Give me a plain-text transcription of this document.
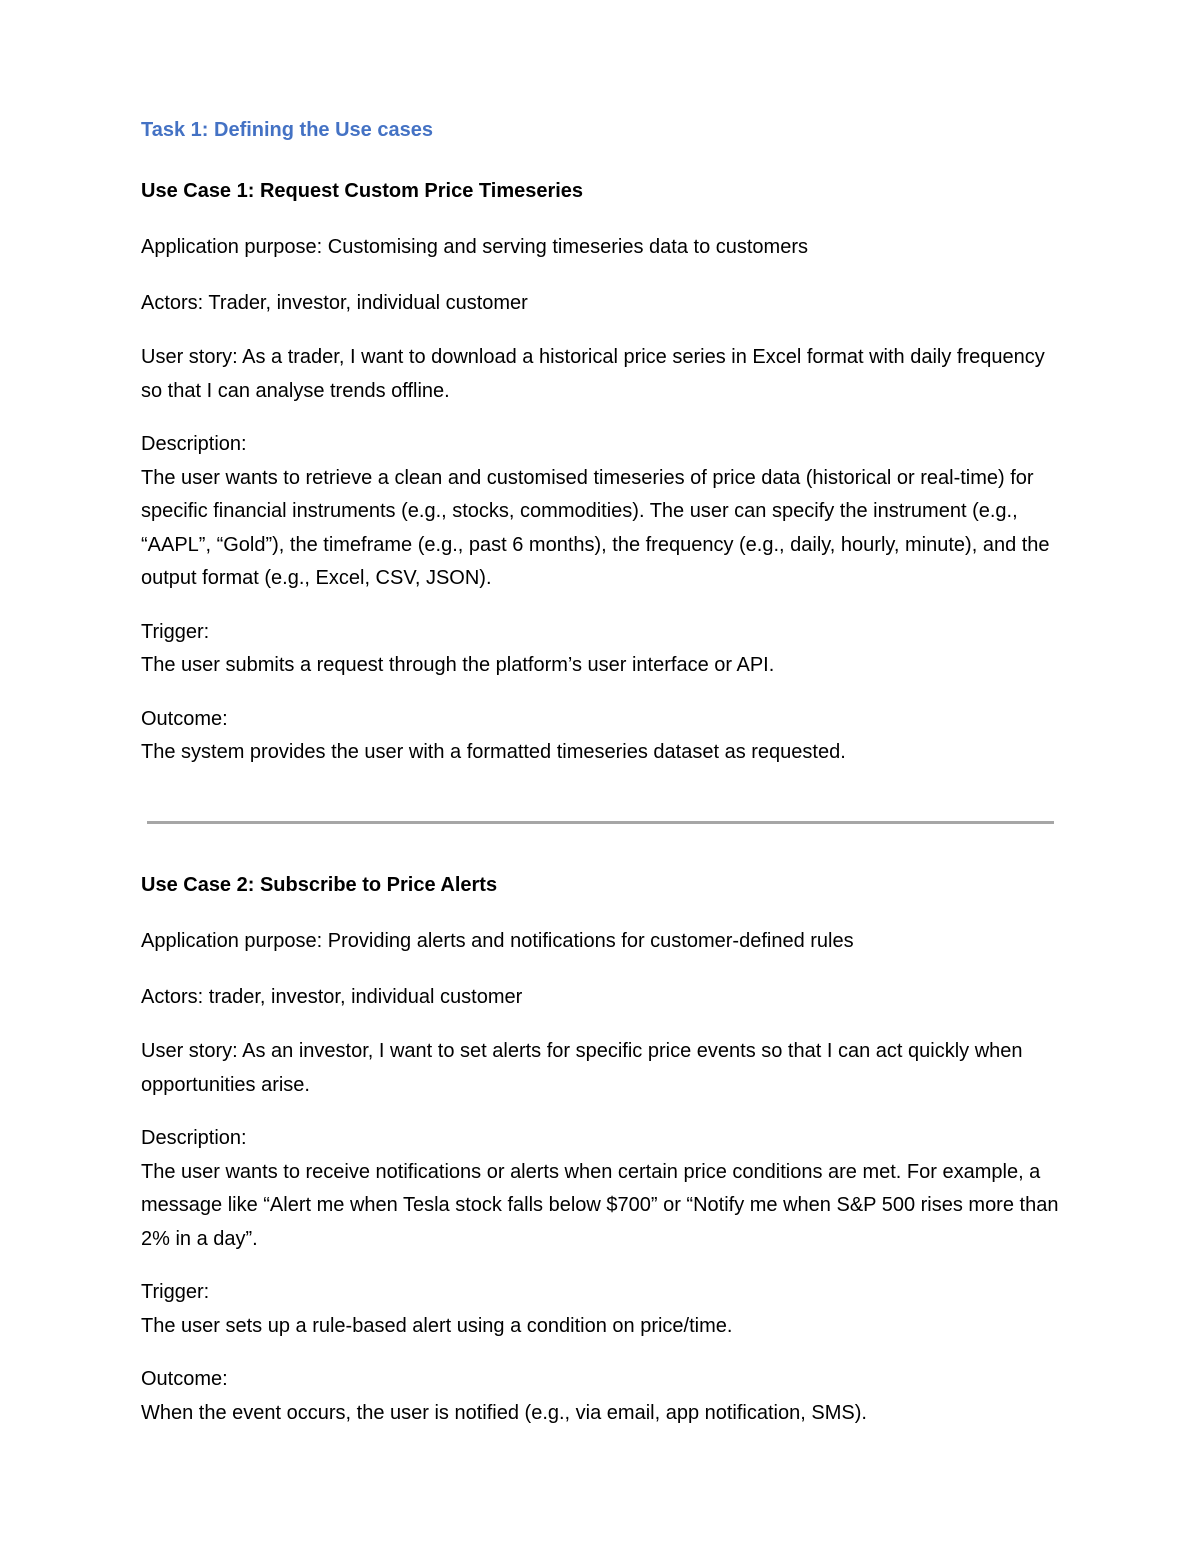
Task 1: Defining the Use cases

Use Case 1: Request Custom Price Timeseries

Application purpose: Customising and serving timeseries data to customers

Actors: Trader, investor, individual customer

User story: As a trader, I want to download a historical price series in Excel format with daily frequency so that I can analyse trends offline.

Description:

The user wants to retrieve a clean and customised timeseries of price data (historical or real-time) for specific financial instruments (e.g., stocks, commodities). The user can specify the instrument (e.g., “AAPL”, “Gold”), the timeframe (e.g., past 6 months), the frequency (e.g., daily, hourly, minute), and the output format (e.g., Excel, CSV, JSON).

Trigger:

The user submits a request through the platform’s user interface or API.

Outcome:

The system provides the user with a formatted timeseries dataset as requested.

Use Case 2: Subscribe to Price Alerts

Application purpose: Providing alerts and notifications for customer-defined rules

Actors: trader, investor, individual customer

User story: As an investor, I want to set alerts for specific price events so that I can act quickly when opportunities arise.

Description:

The user wants to receive notifications or alerts when certain price conditions are met. For example, a message like “Alert me when Tesla stock falls below $700” or “Notify me when S&P 500 rises more than 2% in a day”.

Trigger:

The user sets up a rule-based alert using a condition on price/time.

Outcome:

When the event occurs, the user is notified (e.g., via email, app notification, SMS).
